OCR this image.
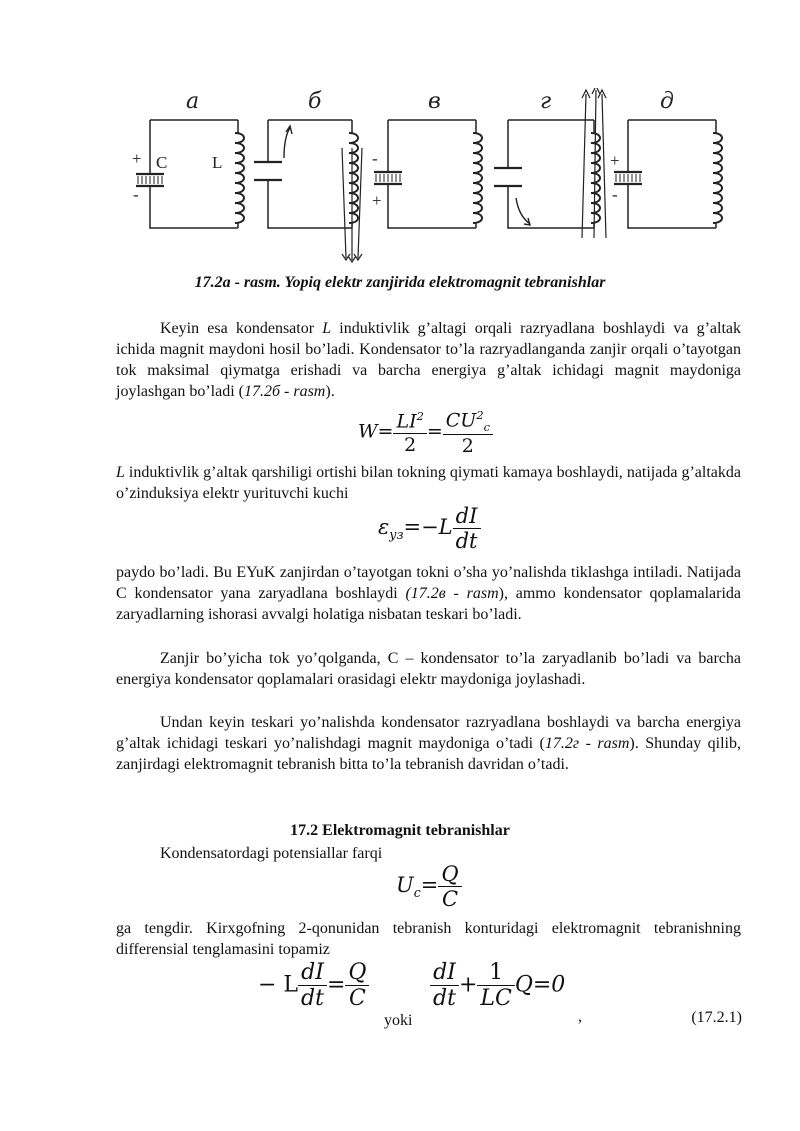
а
C	L
+
-
б	в
-
+
г	д
+
-
17.2a - rasm. Yopiq elektr zanjirida elektromagnit tebranishlar
Keyin esa kondensator L induktivlik g’altagi orqali razryadlana boshlaydi va g’altak ichida magnit maydoni hosil bo’ladi. Kondensator to’la razryadlanganda zanjir orqali o’tayotgan tok maksimal qiymatga erishadi va barcha energiya g’altak ichidagi magnit maydoniga joylashgan bo’ladi (17.2б - rasm).
$W= \frac{LI^2}{2} = \frac{CU^2_c}{2}$
L induktivlik g’altak qarshiligi ortishi bilan tokning qiymati kamaya boshlaydi, natijada g’altakda o’zinduksiya elektr yurituvchi kuchi
$\varepsilon_{уз}=-L \frac{dI}{dt}$
paydo bo’ladi. Bu EYuK zanjirdan o’tayotgan tokni o’sha yo’nalishda tiklashga intiladi. Natijada C kondensator yana zaryadlana boshlaydi (17.2в - rasm), ammo kondensator qoplamalarida zaryadlarning ishorasi avvalgi holatiga nisbatan teskari bo’ladi.
Zanjir bo’yicha tok yo’qolganda, C – kondensator to’la zaryadlanib bo’ladi va barcha energiya kondensator qoplamalari orasidagi elektr maydoniga joylashadi.
Undan keyin teskari yo’nalishda kondensator razryadlana boshlaydi va barcha energiya g’altak ichidagi teskari yo’nalishdagi magnit maydoniga o’tadi (17.2г - rasm). Shunday qilib, zanjirdagi elektromagnit tebranish bitta to’la tebranish davridan o’tadi.
17.2 Elektromagnit tebranishlar
Kondensatordagi potensiallar farqi
$U_c= \frac{Q}{C}$
ga tengdir. Kirxgofning 2-qonunidan tebranish konturidagi elektromagnit tebranishning differensial tenglamasini topamiz
− L $\frac{dI}{dt} = \frac{Q}{C}$
yoki
$\frac{dI}{dt} + \frac{1}{LC} Q=0$
,	(17.2.1)
